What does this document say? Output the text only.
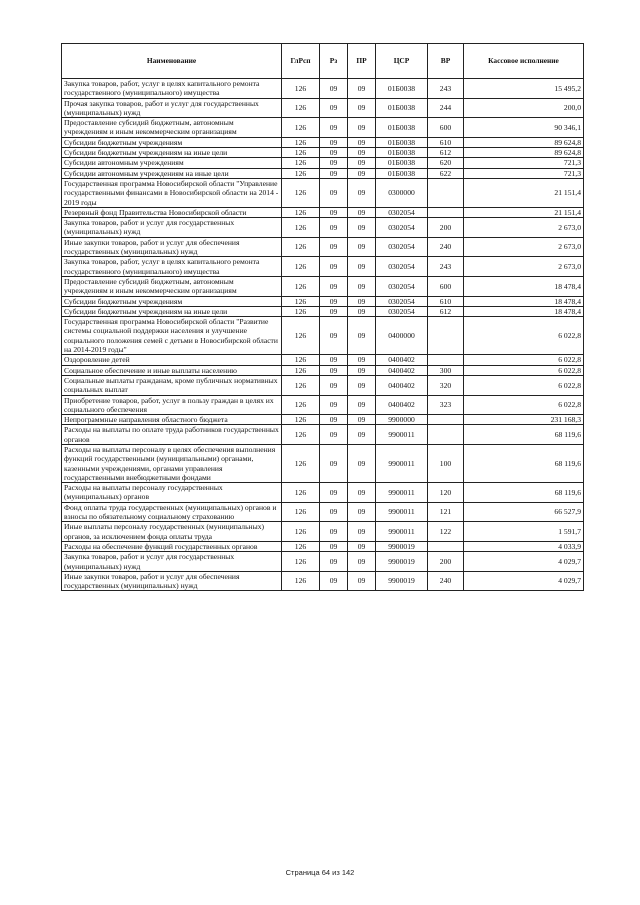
Наименование	ГлРсп	Рз	ПР	ЦСР	ВР	Кассовое исполнение
Закупка товаров, работ, услуг в целях капитального ремонта государственного (муниципального) имущества	126	09	09	01Б0038	243	15 495,2
Прочая закупка товаров, работ и услуг для государственных (муниципальных) нужд	126	09	09	01Б0038	244	200,0
Предоставление субсидий бюджетным, автономным учреждениям и иным некоммерческим организациям	126	09	09	01Б0038	600	90 346,1
Субсидии бюджетным учреждениям	126	09	09	01Б0038	610	89 624,8
Субсидии бюджетным учреждениям на иные цели	126	09	09	01Б0038	612	89 624,8
Субсидии автономным учреждениям	126	09	09	01Б0038	620	721,3
Субсидии автономным учреждениям на иные цели	126	09	09	01Б0038	622	721,3
Государственная программа Новосибирской области "Управление государственными финансами в Новосибирской области на 2014 - 2019 годы	126	09	09	0300000		21 151,4
Резервный фонд Правительства Новосибирской области	126	09	09	0302054		21 151,4
Закупка товаров, работ и услуг для государственных (муниципальных) нужд	126	09	09	0302054	200	2 673,0
Иные закупки товаров, работ и услуг для обеспечения государственных (муниципальных) нужд	126	09	09	0302054	240	2 673,0
Закупка товаров, работ, услуг в целях капитального ремонта государственного (муниципального) имущества	126	09	09	0302054	243	2 673,0
Предоставление субсидий бюджетным, автономным учреждениям и иным некоммерческим организациям	126	09	09	0302054	600	18 478,4
Субсидии бюджетным учреждениям	126	09	09	0302054	610	18 478,4
Субсидии бюджетным учреждениям на иные цели	126	09	09	0302054	612	18 478,4
Государственная программа Новосибирской области "Развитие системы социальной поддержки населения и улучшение социального положения семей с детьми в Новосибирской области на 2014-2019 годы"	126	09	09	0400000		6 022,8
Оздоровление детей	126	09	09	0400402		6 022,8
Социальное обеспечение и иные выплаты населению	126	09	09	0400402	300	6 022,8
Социальные выплаты гражданам, кроме публичных нормативных социальных выплат	126	09	09	0400402	320	6 022,8
Приобретение товаров, работ, услуг в пользу граждан в целях их социального обеспечения	126	09	09	0400402	323	6 022,8
Непрограммные направления областного бюджета	126	09	09	9900000		231 168,3
Расходы на выплаты по оплате труда работников государственных органов	126	09	09	9900011		68 119,6
Расходы на выплаты персоналу в целях обеспечения выполнения функций государственными (муниципальными) органами, казенными учреждениями, органами управления государственными внебюджетными фондами	126	09	09	9900011	100	68 119,6
Расходы на выплаты персоналу государственных (муниципальных) органов	126	09	09	9900011	120	68 119,6
Фонд оплаты труда государственных (муниципальных) органов и взносы по обязательному социальному страхованию	126	09	09	9900011	121	66 527,9
Иные выплаты персоналу государственных (муниципальных) органов, за исключением фонда оплаты труда	126	09	09	9900011	122	1 591,7
Расходы на обеспечение функций государственных органов	126	09	09	9900019		4 033,9
Закупка товаров, работ и услуг для государственных (муниципальных) нужд	126	09	09	9900019	200	4 029,7
Иные закупки товаров, работ и услуг для обеспечения государственных (муниципальных) нужд	126	09	09	9900019	240	4 029,7
Страница 64 из 142
